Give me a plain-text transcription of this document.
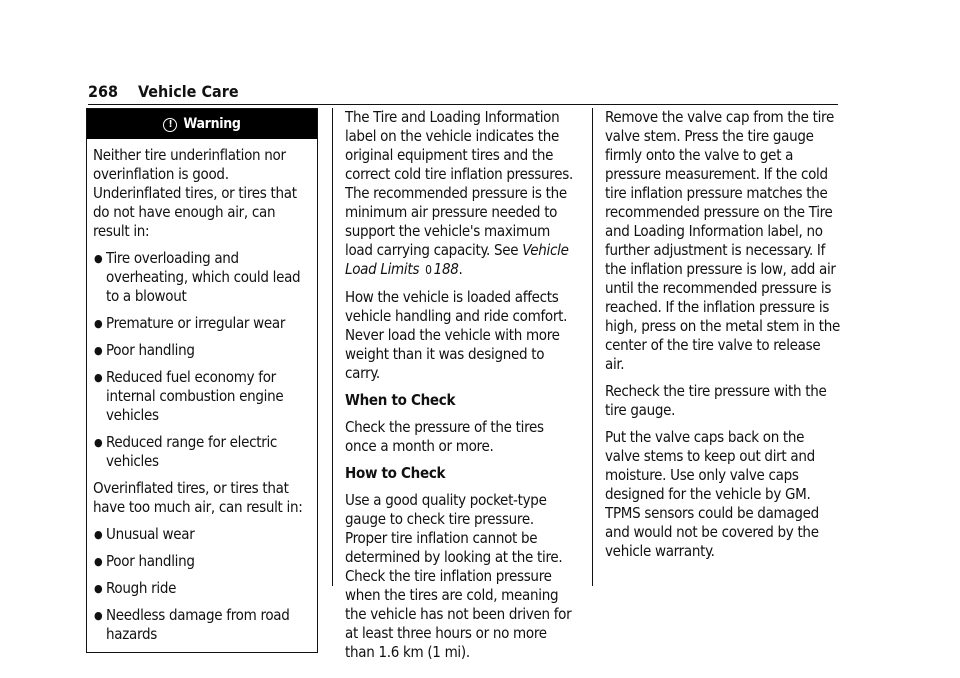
268 Vehicle Care
! Warning

Neither tire underinflation nor overinflation is good. Underinflated tires, or tires that do not have enough air, can result in:

● Tire overloading and overheating, which could lead to a blowout
● Premature or irregular wear
● Poor handling
● Reduced fuel economy for internal combustion engine vehicles
● Reduced range for electric vehicles

Overinflated tires, or tires that have too much air, can result in:

● Unusual wear
● Poor handling
● Rough ride
● Needless damage from road hazards

The Tire and Loading Information label on the vehicle indicates the original equipment tires and the correct cold tire inflation pressures. The recommended pressure is the minimum air pressure needed to support the vehicle's maximum load carrying capacity. See Vehicle Load Limits 0 188.

How the vehicle is loaded affects vehicle handling and ride comfort. Never load the vehicle with more weight than it was designed to carry.

When to Check

Check the pressure of the tires once a month or more.

How to Check

Use a good quality pocket-type gauge to check tire pressure. Proper tire inflation cannot be determined by looking at the tire. Check the tire inflation pressure when the tires are cold, meaning the vehicle has not been driven for at least three hours or no more than 1.6 km (1 mi).

Remove the valve cap from the tire valve stem. Press the tire gauge firmly onto the valve to get a pressure measurement. If the cold tire inflation pressure matches the recommended pressure on the Tire and Loading Information label, no further adjustment is necessary. If the inflation pressure is low, add air until the recommended pressure is reached. If the inflation pressure is high, press on the metal stem in the center of the tire valve to release air.

Recheck the tire pressure with the tire gauge.

Put the valve caps back on the valve stems to keep out dirt and moisture. Use only valve caps designed for the vehicle by GM. TPMS sensors could be damaged and would not be covered by the vehicle warranty.
